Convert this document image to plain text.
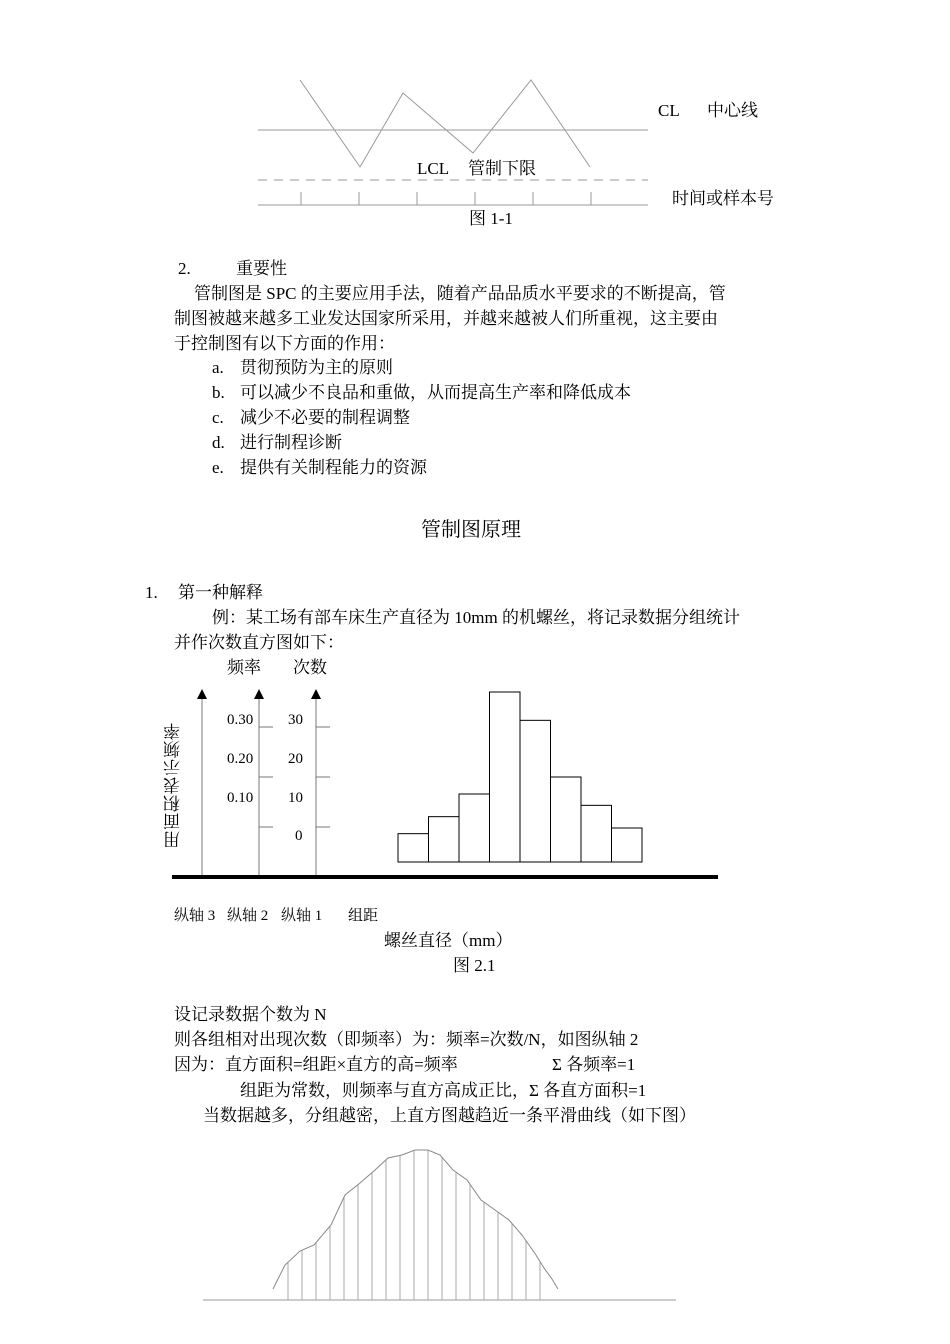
CL 中心线
LCL 管制下限
时间或样本号
图 1-1
2.	重要性
管制图是 SPC 的主要应用手法，随着产品品质水平要求的不断提高，管
制图被越来越多工业发达国家所采用，并越来越被人们所重视，这主要由
于控制图有以下方面的作用：
a. 贯彻预防为主的原则
b. 可以减少不良品和重做，从而提高生产率和降低成本
c. 减少不必要的制程调整
d. 进行制程诊断
e. 提供有关制程能力的资源
管制图原理
1. 第一种解释
例：某工场有部车床生产直径为 10mm 的机螺丝，将记录数据分组统计
并作次数直方图如下：
频率 次数
用面积表示频率
0.30
0.20
0.10
30
20
10
0
纵轴 3 纵轴 2 纵轴 1 组距
螺丝直径（mm）
图 2.1
设记录数据个数为 N
则各组相对出现次数（即频率）为：频率=次数/N，如图纵轴 2
因为：直方面积=组距×直方的高=频率	Σ 各频率=1
组距为常数，则频率与直方高成正比，Σ 各直方面积=1
当数据越多，分组越密，上直方图越趋近一条平滑曲线（如下图）
